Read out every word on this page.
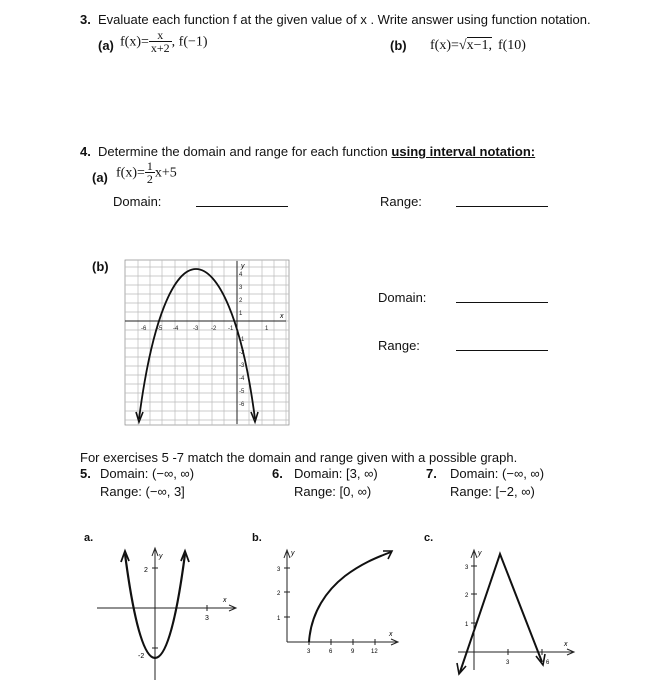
3. Evaluate each function f at the given value of x . Write answer using function notation.
(a) $f(x)= \frac{x}{x+2}$ , f(−1)	(b) f(x)=√x−1, f(10)
4. Determine the domain and range for each function using interval notation:
(a) $f(x)= \frac{1}{2} x+5$
Domain:	Range:
(b)
-6 -5 -4 -3 -2 -1	1
4
3
2
1
-1
-2
-3
-4
-5
-6
x
y
Domain:
Range:
For exercises 5 -7 match the domain and range given with a possible graph.
5. Domain: (−∞, ∞)
Range: (−∞, 3]
6. Domain: [3, ∞)
Range: [0, ∞)
7. Domain: (−∞, ∞)
Range: [−2, ∞)
a.	b.	c.
2
-2
3
y
x
3
2
1
3	6	9	12
y
x
3
2
1
3	6
y
x
